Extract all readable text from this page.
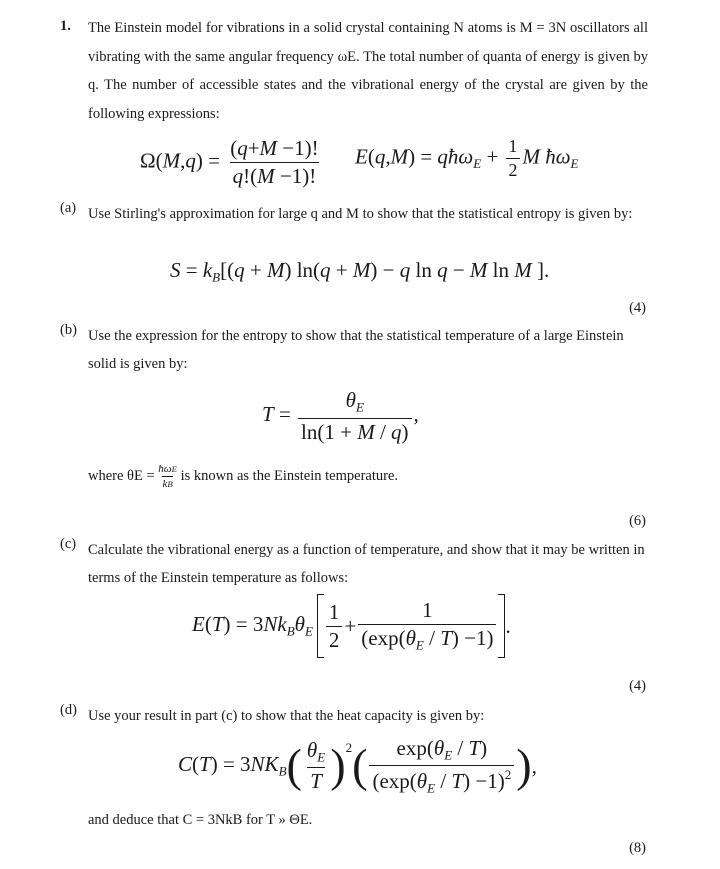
1. The Einstein model for vibrations in a solid crystal containing N atoms is M = 3N oscillators all vibrating with the same angular frequency ωE. The total number of quanta of energy is given by q. The number of accessible states and the vibrational energy of the crystal are given by the following expressions:
$\Omega(M,q) = \frac{(q+M -1)!}{q!(M -1)!} E(q,M)$ = qħω$_E$ + $\frac{1}{2}$ M $ħ\omega_E$
(a) Use Stirling's approximation for large q and M to show that the statistical entropy is given by:
$S = k_B[(q + M) \ln(q + M) - q$ ln q − M ln M ].
(4)
(b) Use the expression for the entropy to show that the statistical temperature of a large Einstein solid is given by:
$T = \frac{\theta_E}{\ln(1 + M / q)}$ ,
where $\theta E = \frac{\text{ħωE}}{kB}$ is known as the Einstein temperature.
(6)
(c) Calculate the vibrational energy as a function of temperature, and show that it may be written in terms of the Einstein temperature as follows:
$E(T) = 3Nk_B\theta_E \frac{1}{2} + \frac{1}{(\exp(\theta_E / T) -1)}$ .
(4)
(d) Use your result in part (c) to show that the heat capacity is given by:
$C(T) = 3NK_B$ ( $\frac{\theta_E}{T}$ ) 2 ( $\frac{\exp(\theta_E / T)}{(\exp(\theta_E / T) -1)^2}$ ) ,
and deduce that C = 3NkB for T » ΘE.
(8)
